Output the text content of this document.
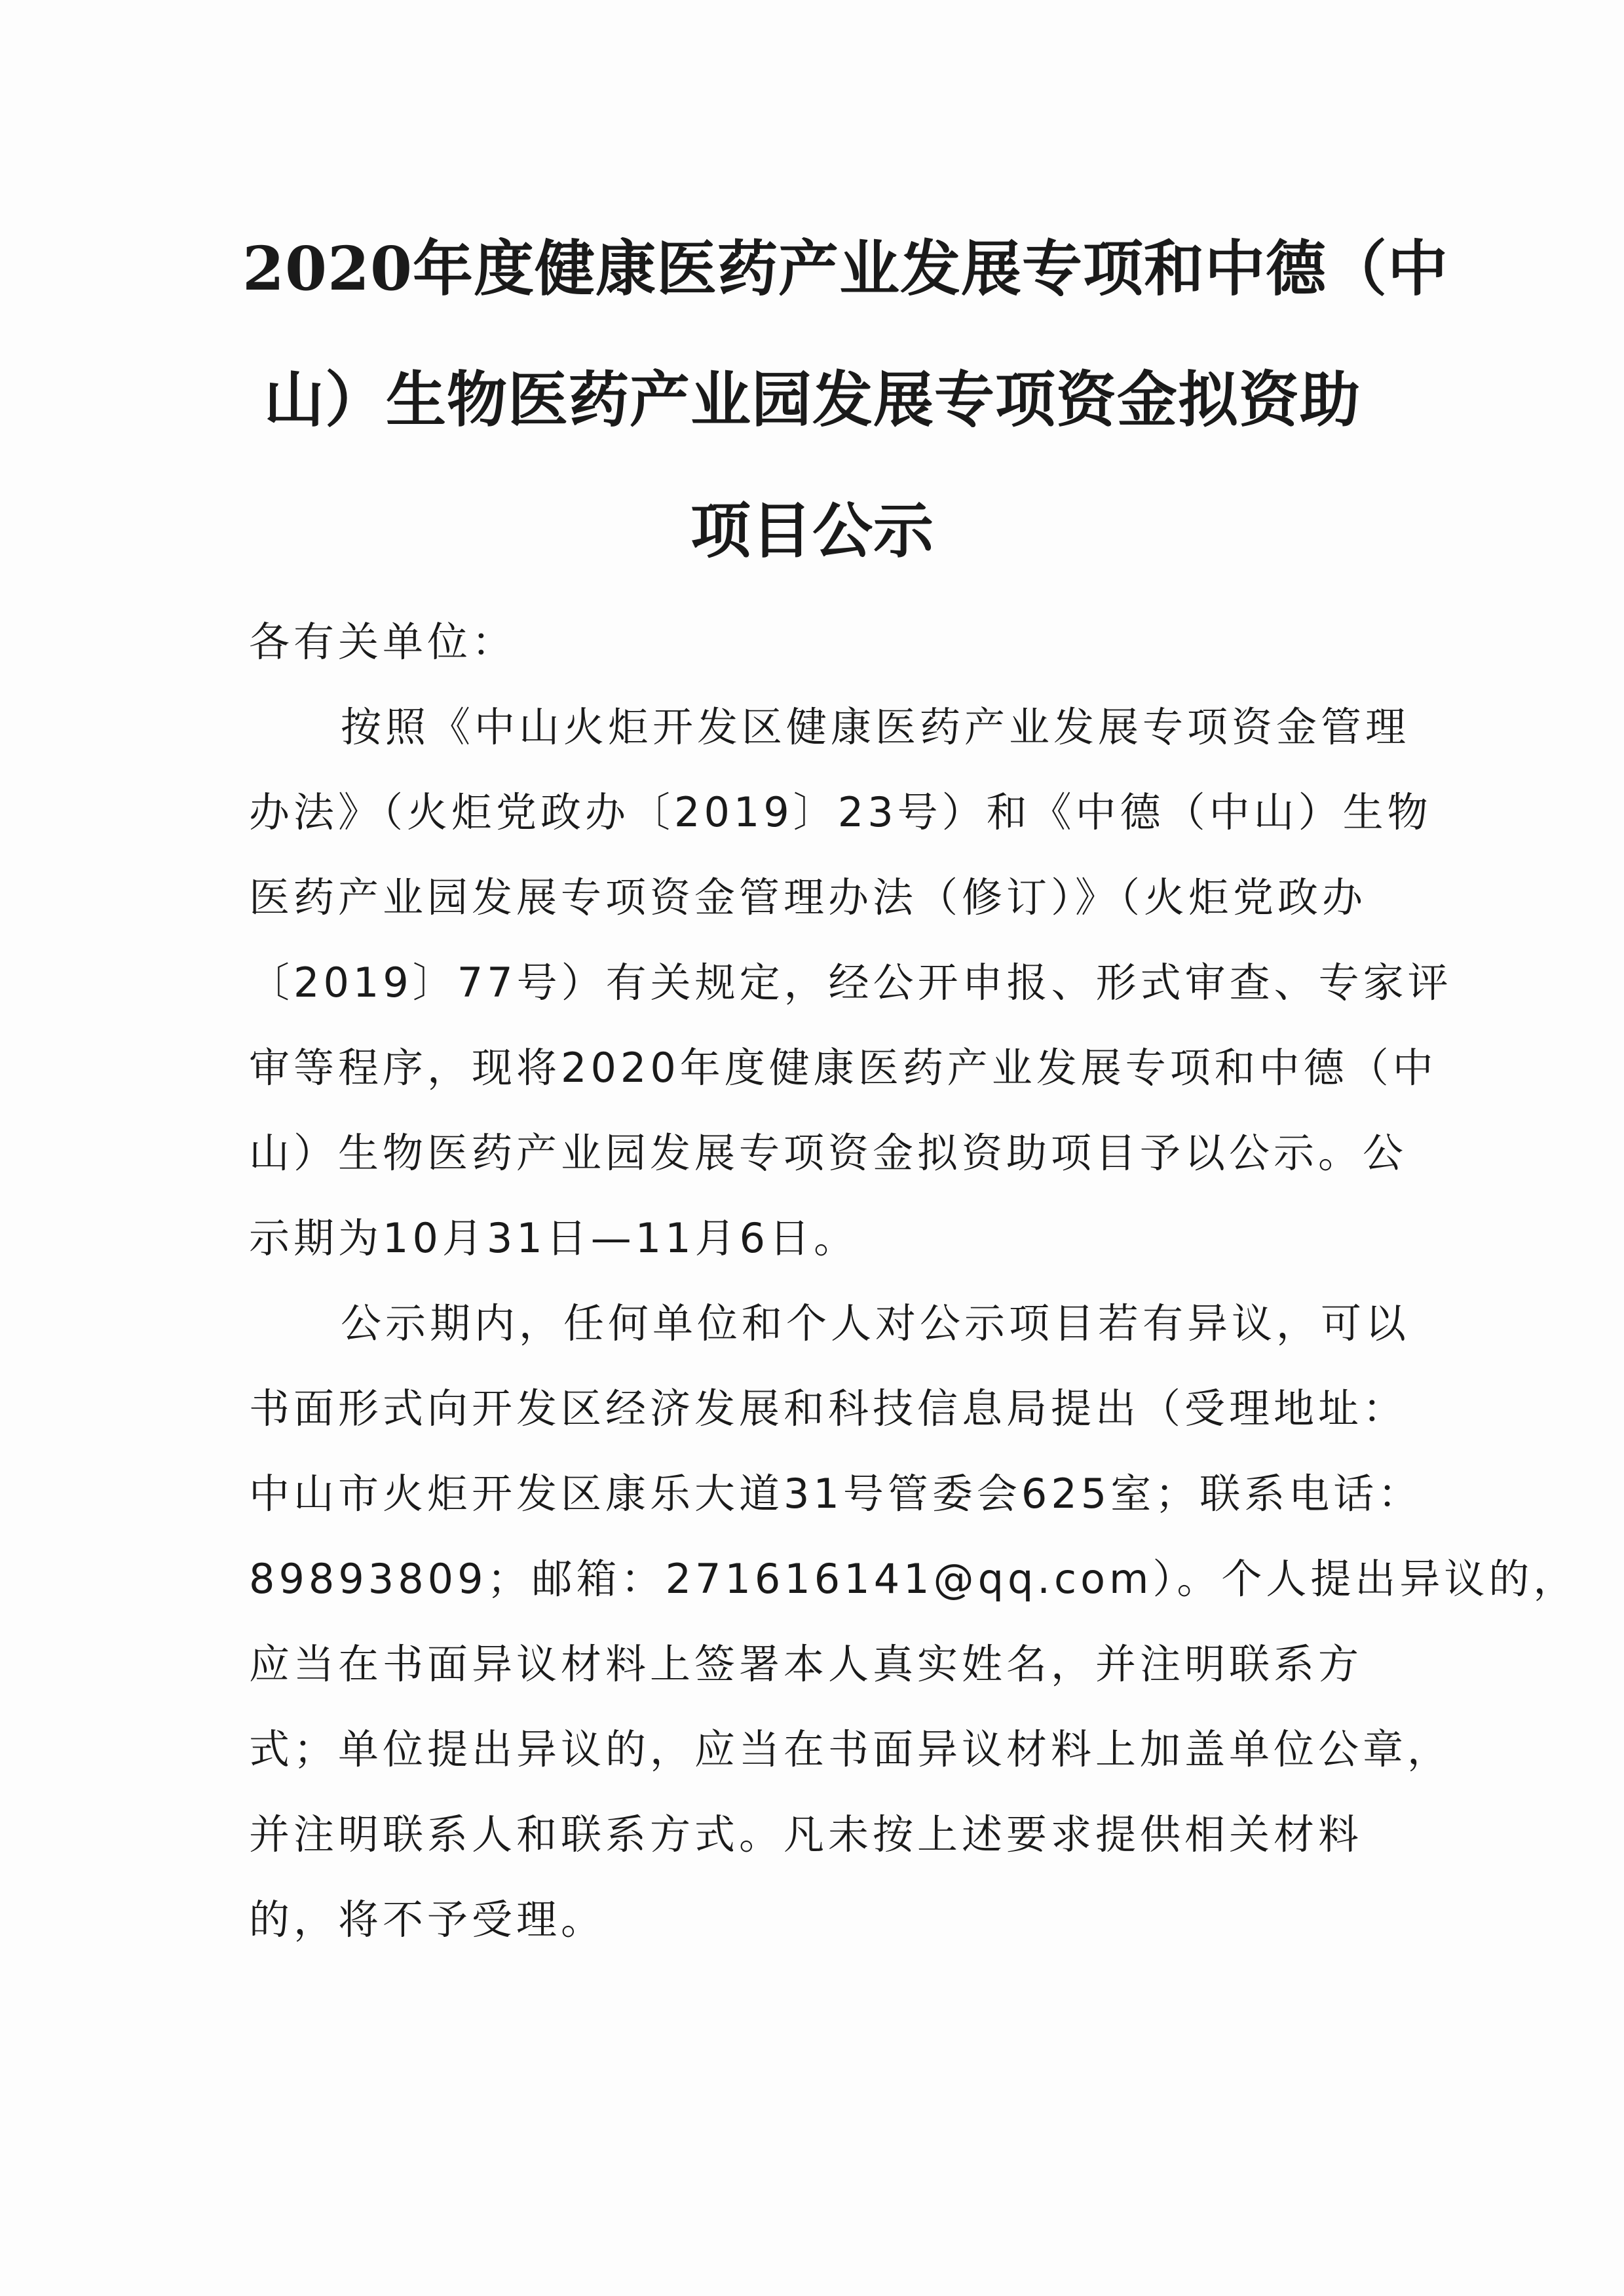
2020年度健康医药产业发展专项和中德（中
山）生物医药产业园发展专项资金拟资助
项目公示

各有关单位：

按照《中山火炬开发区健康医药产业发展专项资金管理
办法》（火炬党政办〔2019〕23号）和《中德（中山）生物
医药产业园发展专项资金管理办法（修订）》（火炬党政办
〔2019〕77号）有关规定，经公开申报、形式审查、专家评
审等程序，现将2020年度健康医药产业发展专项和中德（中
山）生物医药产业园发展专项资金拟资助项目予以公示。公
示期为10月31日—11月6日。

公示期内，任何单位和个人对公示项目若有异议，可以
书面形式向开发区经济发展和科技信息局提出（受理地址：
中山市火炬开发区康乐大道31号管委会625室；联系电话：
89893809；邮箱：271616141@qq.com）。个人提出异议的，
应当在书面异议材料上签署本人真实姓名，并注明联系方
式；单位提出异议的，应当在书面异议材料上加盖单位公章，
并注明联系人和联系方式。凡未按上述要求提供相关材料
的，将不予受理。
